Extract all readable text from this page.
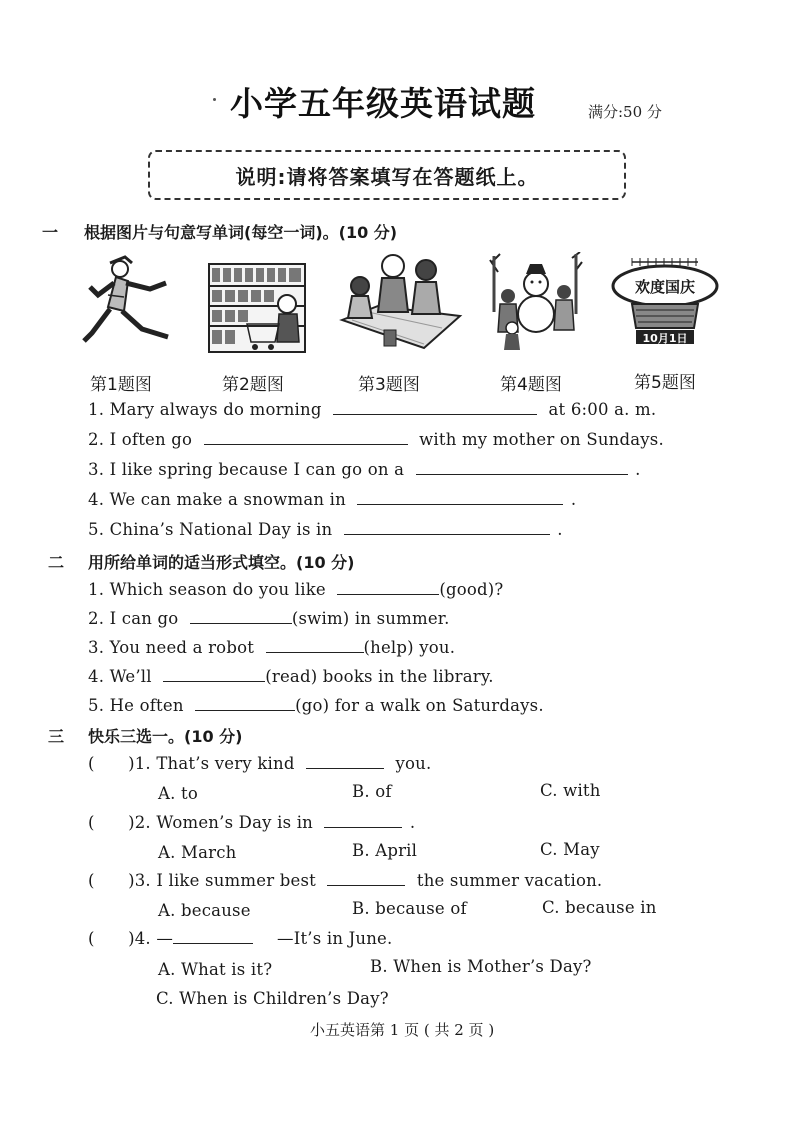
小学五年级英语试题	满分:50 分
说明:请将答案填写在答题纸上。
一 根据图片与句意写单词(每空一词)。(10 分)
欢度国庆
10月1日
第1题图	第2题图	第3题图	第4题图	第5题图
1. Mary always do morning	at 6:00 a. m.
2. I often go	with my mother on Sundays.
3. I like spring because I can go on a	.
4. We can make a snowman in	.
5. China’s National Day is in	.
二 用所给单词的适当形式填空。(10 分)
1. Which season do you like	(good)?
2. I can go	(swim) in summer.
3. You need a robot	(help) you.
4. We’ll	(read) books in the library.
5. He often	(go) for a walk on Saturdays.
三 快乐三选一。(10 分)
( )1. That’s very kind	you.
A. to	B. of	C. with
( )2. Women’s Day is in	.
A. March	B. April	C. May
( )3. I like summer best	the summer vacation.
A. because	B. because of	C. because in
( )4. —	—It’s in June.
A. What is it?	B. When is Mother’s Day?
C. When is Children’s Day?
小五英语第 1 页 ( 共 2 页 )
